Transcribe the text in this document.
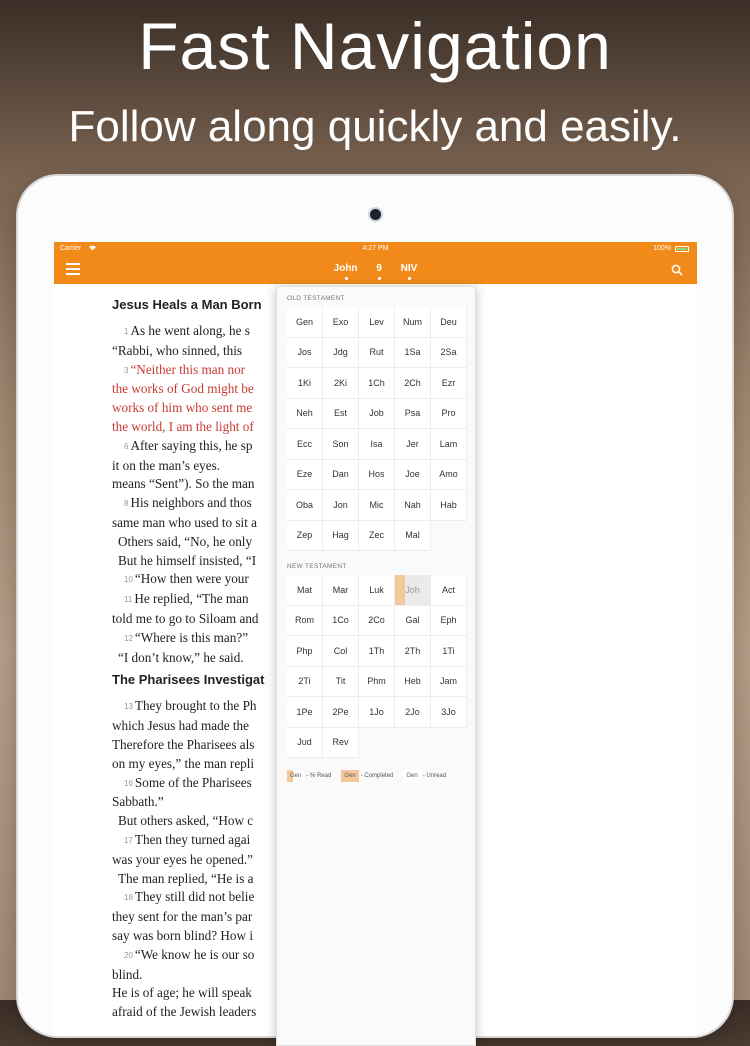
Fast Navigation
Follow along quickly and easily.
Carrier	4:27 PM	100%
John 9 NIV
Jesus Heals a Man Born

1 As he went along, he s

“Rabbi, who sinned, this

3 “Neither this man nor

the works of God might be

works of him who sent me

the world, I am the light of

6 After saying this, he sp

it on the man’s eyes.

means “Sent”). So the man

8 His neighbors and thos

same man who used to sit a

Others said, “No, he only

But he himself insisted, “I

10 “How then were your

11 He replied, “The man

told me to go to Siloam and

12 “Where is this man?”

“I don’t know,” he said.

The Pharisees Investigat

13 They brought to the Ph

which Jesus had made the

Therefore the Pharisees als

on my eyes,” the man repli

16 Some of the Pharisees

Sabbath.”

But others asked, “How c

17 Then they turned agai

was your eyes he opened.”

The man replied, “He is a

18 They still did not belie

they sent for the man’s par

say was born blind? How i

20 “We know he is our so

blind.

He is of age; he will speak

afraid of the Jewish leaders

OLD TESTAMENT
Gen Exo Lev Num Deu
Jos Jdg Rut 1Sa 2Sa
1Ki	2Ki 1Ch 2Ch Ezr
Neh Est Job Psa Pro
Ecc Son Isa	Jer Lam
Eze Dan Hos Joe Amo
Oba Jon Mic Nah Hab
Zep Hag Zec Mal
NEW TESTAMENT
Mat Mar Luk Joh Act
Rom 1Co 2Co Gal Eph
Php Col 1Th 2Th 1Ti
2Ti	Tit Phm Heb Jam
1Pe 2Pe 1Jo 2Jo 3Jo
Jud Rev
Gen - % Read	Gen - Completed	Gen - Unread
